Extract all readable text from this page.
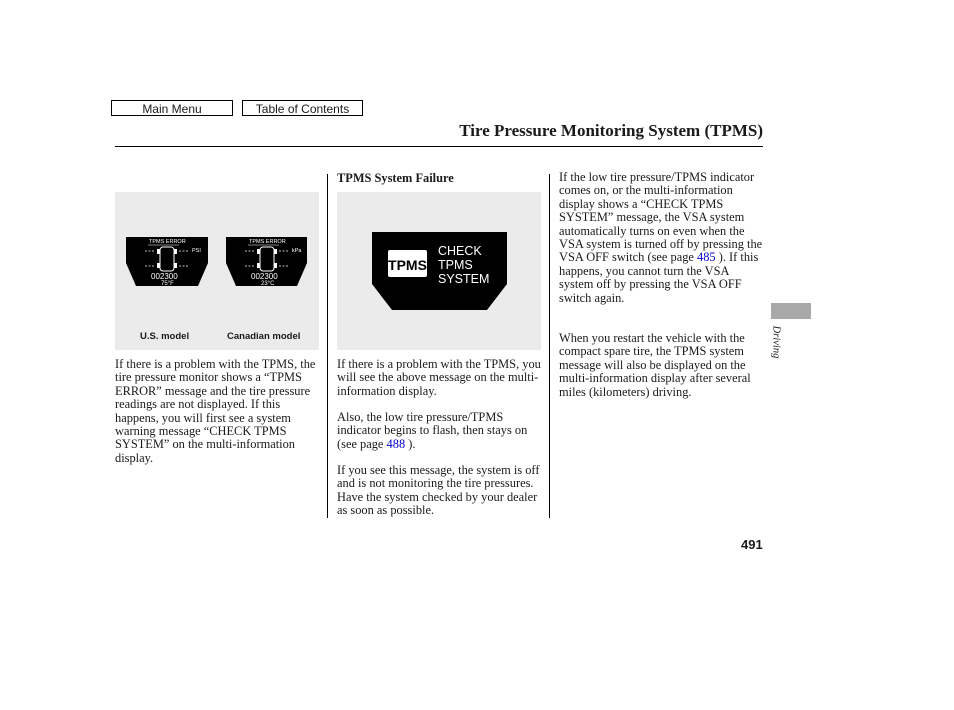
Main Menu	Table of Contents
Tire Pressure Monitoring System (TPMS)
TPMS ERROR
PSI
002300
75°F
TPMS ERROR
kPa
002300
23°C
U.S. model	Canadian model
TPMS
CHECK
TPMS
SYSTEM
TPMS System Failure

If there is a problem with the TPMS, the tire pressure monitor shows a “TPMS ERROR” message and the tire pressure readings are not displayed. If this happens, you will first see a system warning message “CHECK TPMS SYSTEM” on the multi-information display.

If there is a problem with the TPMS, you will see the above message on the multi-information display.

Also, the low tire pressure/TPMS indicator begins to flash, then stays on (see page 488 ).

If you see this message, the system is off and is not monitoring the tire pressures. Have the system checked by your dealer as soon as possible.

If the low tire pressure/TPMS indicator comes on, or the multi-information display shows a “CHECK TPMS SYSTEM” message, the VSA system automatically turns on even when the VSA system is turned off by pressing the VSA OFF switch (see page 485 ). If this happens, you cannot turn the VSA system off by pressing the VSA OFF switch again.

When you restart the vehicle with the compact spare tire, the TPMS system message will also be displayed on the multi-information display after several miles (kilometers) driving.

Driving
491
